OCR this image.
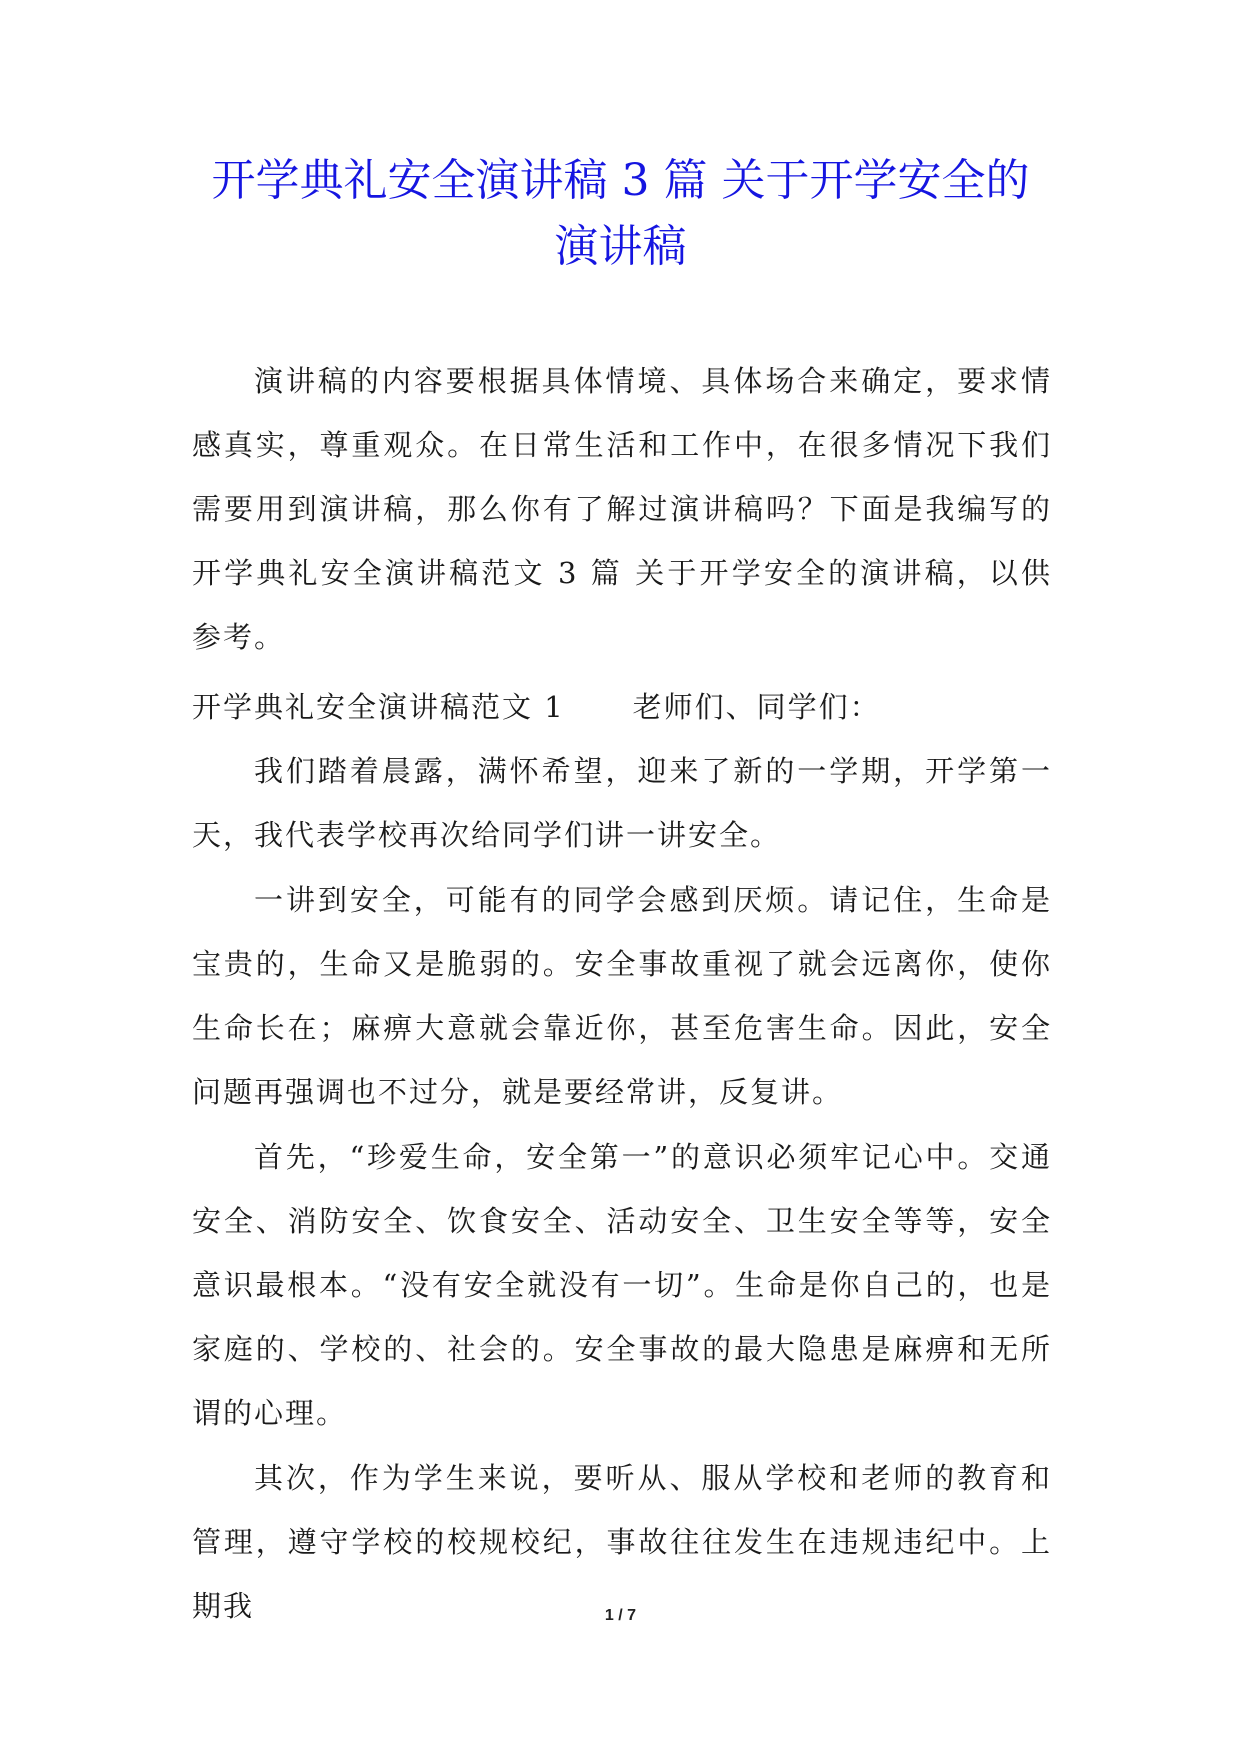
开学典礼安全演讲稿 3 篇 关于开学安全的
演讲稿

演讲稿的内容要根据具体情境、具体场合来确定，要求情感真实，尊重观众。在日常生活和工作中，在很多情况下我们需要用到演讲稿，那么你有了解过演讲稿吗？下面是我编写的开学典礼安全演讲稿范文 3 篇 关于开学安全的演讲稿，以供参考。

开学典礼安全演讲稿范文 1 老师们、同学们：

我们踏着晨露，满怀希望，迎来了新的一学期，开学第一天，我代表学校再次给同学们讲一讲安全。

一讲到安全，可能有的同学会感到厌烦。请记住，生命是宝贵的，生命又是脆弱的。安全事故重视了就会远离你，使你生命长在；麻痹大意就会靠近你，甚至危害生命。因此，安全问题再强调也不过分，就是要经常讲，反复讲。

首先，“珍爱生命，安全第一”的意识必须牢记心中。交通安全、消防安全、饮食安全、活动安全、卫生安全等等，安全意识最根本。“没有安全就没有一切”。生命是你自己的，也是家庭的、学校的、社会的。安全事故的最大隐患是麻痹和无所谓的心理。

其次，作为学生来说，要听从、服从学校和老师的教育和管理，遵守学校的校规校纪，事故往往发生在违规违纪中。上期我	1 / 7
